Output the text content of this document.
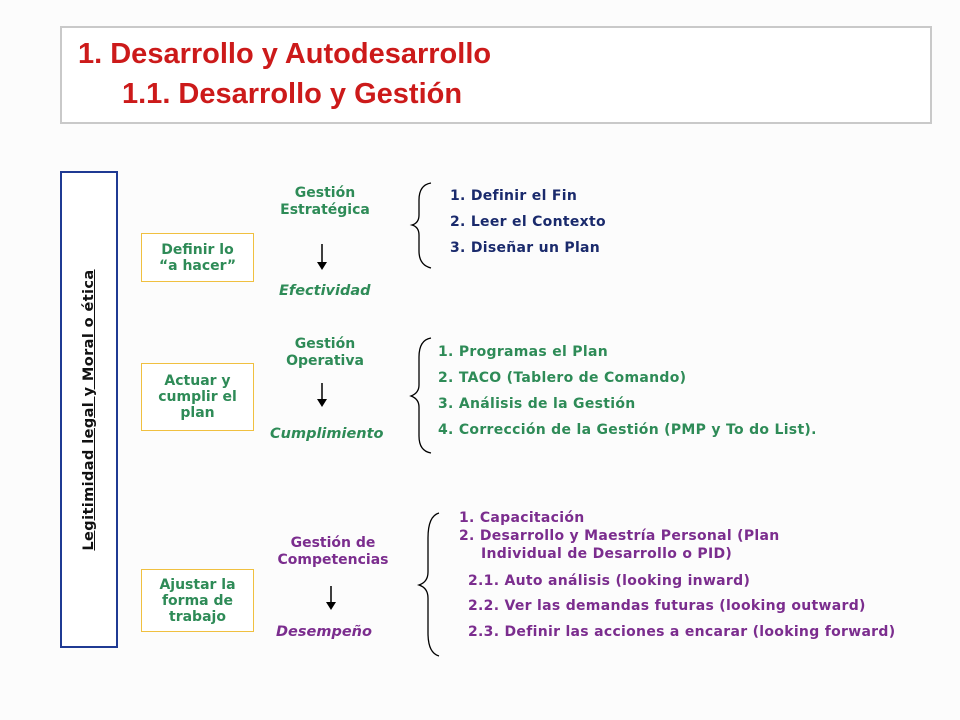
1. Desarrollo y Autodesarrollo
1.1. Desarrollo y Gestión
Legitimidad legal y Moral o ética
Definir lo
“a hacer”
Actuar y
cumplir el
plan
Ajustar la
forma de
trabajo
Gestión
Estratégica
Gestión
Operativa
Gestión de
Competencias
Efectividad
Cumplimiento
Desempeño
1. Definir el Fin
2. Leer el Contexto
3. Diseñar un Plan
1. Programas el Plan
2. TACO (Tablero de Comando)
3. Análisis de la Gestión
4. Corrección de la Gestión (PMP y To do List).
1. Capacitación
2. Desarrollo y Maestría Personal (Plan
Individual de Desarrollo o PID)
2.1. Auto análisis (looking inward)
2.2. Ver las demandas futuras (looking outward)
2.3. Definir las acciones a encarar (looking forward)
